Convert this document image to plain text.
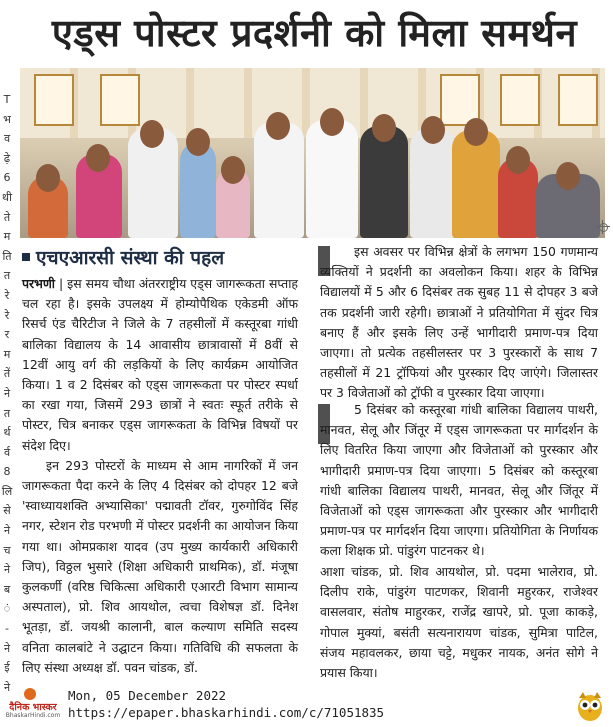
T
भ
व
ढ़े
6
थी
ते
म
ति
त
रे
रे
र
म
तें
ने
त
र्थ
र्व
8
लि
से
ने
च
ने
ब
ं
-
ने
ई
ने
एड्स पोस्टर प्रदर्शनी को मिला समर्थन
एचएआरसी संस्था की पहल

परभणी | इस समय चौथा अंतरराष्ट्रीय एड्स जागरूकता सप्ताह चल रहा है। इसके उपलक्ष्य में होम्योपैथिक एकेडमी ऑफ रिसर्च एंड चैरिटीज ने जिले के 7 तहसीलों में कस्तूरबा गांधी बालिका विद्यालय के 14 आवासीय छात्रावासों में 8वीं से 12वीं आयु वर्ग की लड़कियों के लिए कार्यक्रम आयोजित किया। 1 व 2 दिसंबर को एड्स जागरूकता पर पोस्टर स्पर्धा का रखा गया, जिसमें 293 छात्रों ने स्वतः स्फूर्त तरीके से पोस्टर, चित्र बनाकर एड्स जागरूकता के विभिन्न विषयों पर संदेश दिए।

इन 293 पोस्टरों के माध्यम से आम नागरिकों में जन जागरूकता पैदा करने के लिए 4 दिसंबर को दोपहर 12 बजे 'स्वाध्यायशक्ति अभ्यासिका' पद्मावती टॉवर, गुरुगोविंद सिंह नगर, स्टेशन रोड परभणी में पोस्टर प्रदर्शनी का आयोजन किया गया था। ओमप्रकाश यादव (उप मुख्य कार्यकारी अधिकारी जिप), विठ्ठल भुसारे (शिक्षा अधिकारी प्राथमिक), डॉ. मंजूषा कुलकर्णी (वरिष्ठ चिकित्सा अधिकारी एआरटी विभाग सामान्य अस्पताल), प्रो. शिव आयथोल, त्वचा विशेषज्ञ डॉ. दिनेश भूतड़ा, डॉ. जयश्री कालानी, बाल कल्याण समिति सदस्य वनिता कालबांटे ने उद्घाटन किया। गतिविधि की सफलता के लिए संस्था अध्यक्ष डॉ. पवन चांडक, डॉ.

इस अवसर पर विभिन्न क्षेत्रों के लगभग 150 गणमान्य व्यक्तियों ने प्रदर्शनी का अवलोकन किया। शहर के विभिन्न विद्यालयों में 5 और 6 दिसंबर तक सुबह 11 से दोपहर 3 बजे तक प्रदर्शनी जारी रहेगी। छात्राओं ने प्रतियोगिता में सुंदर चित्र बनाए हैं और इसके लिए उन्हें भागीदारी प्रमाण-पत्र दिया जाएगा। तो प्रत्येक तहसीलस्तर पर 3 पुरस्कारों के साथ 7 तहसीलों में 21 ट्रॉफियां और पुरस्कार दिए जाएंगे। जिलास्तर पर 3 विजेताओं को ट्रॉफी व पुरस्कार दिया जाएगा।

5 दिसंबर को कस्तूरबा गांधी बालिका विद्यालय पाथरी, मानवत, सेलू और जिंतूर में एड्स जागरूकता पर मार्गदर्शन के लिए वितरित किया जाएगा और विजेताओं को पुरस्कार और भागीदारी प्रमाण-पत्र दिया जाएगा। 5 दिसंबर को कस्तूरबा गांधी बालिका विद्यालय पाथरी, मानवत, सेलू और जिंतूर में विजेताओं को एड्स जागरूकता और पुरस्कार और भागीदारी प्रमाण-पत्र पर मार्गदर्शन दिया जाएगा। प्रतियोगिता के निर्णायक कला शिक्षक प्रो. पांडुरंग पाटनकर थे।

आशा चांडक, प्रो. शिव आयथोल, प्रो. पदमा भालेराव, प्रो. दिलीप राके, पांडुरंग पाटणकर, शिवानी महुरकर, राजेश्वर वासलवार, संतोष माहुरकर, राजेंद्र खापरे, प्रो. पूजा काकड़े, गोपाल मुक्यां, बसंती सत्यनारायण चांडक, सुमित्रा पाटिल, संजय महावलकर, छाया चट्टे, मधुकर नायक, अनंत सोगे ने प्रयास किया।

दैनिक भास्कर
BhaskarHindi.com
Mon, 05 December 2022
https://epaper.bhaskarhindi.com/c/71051835
